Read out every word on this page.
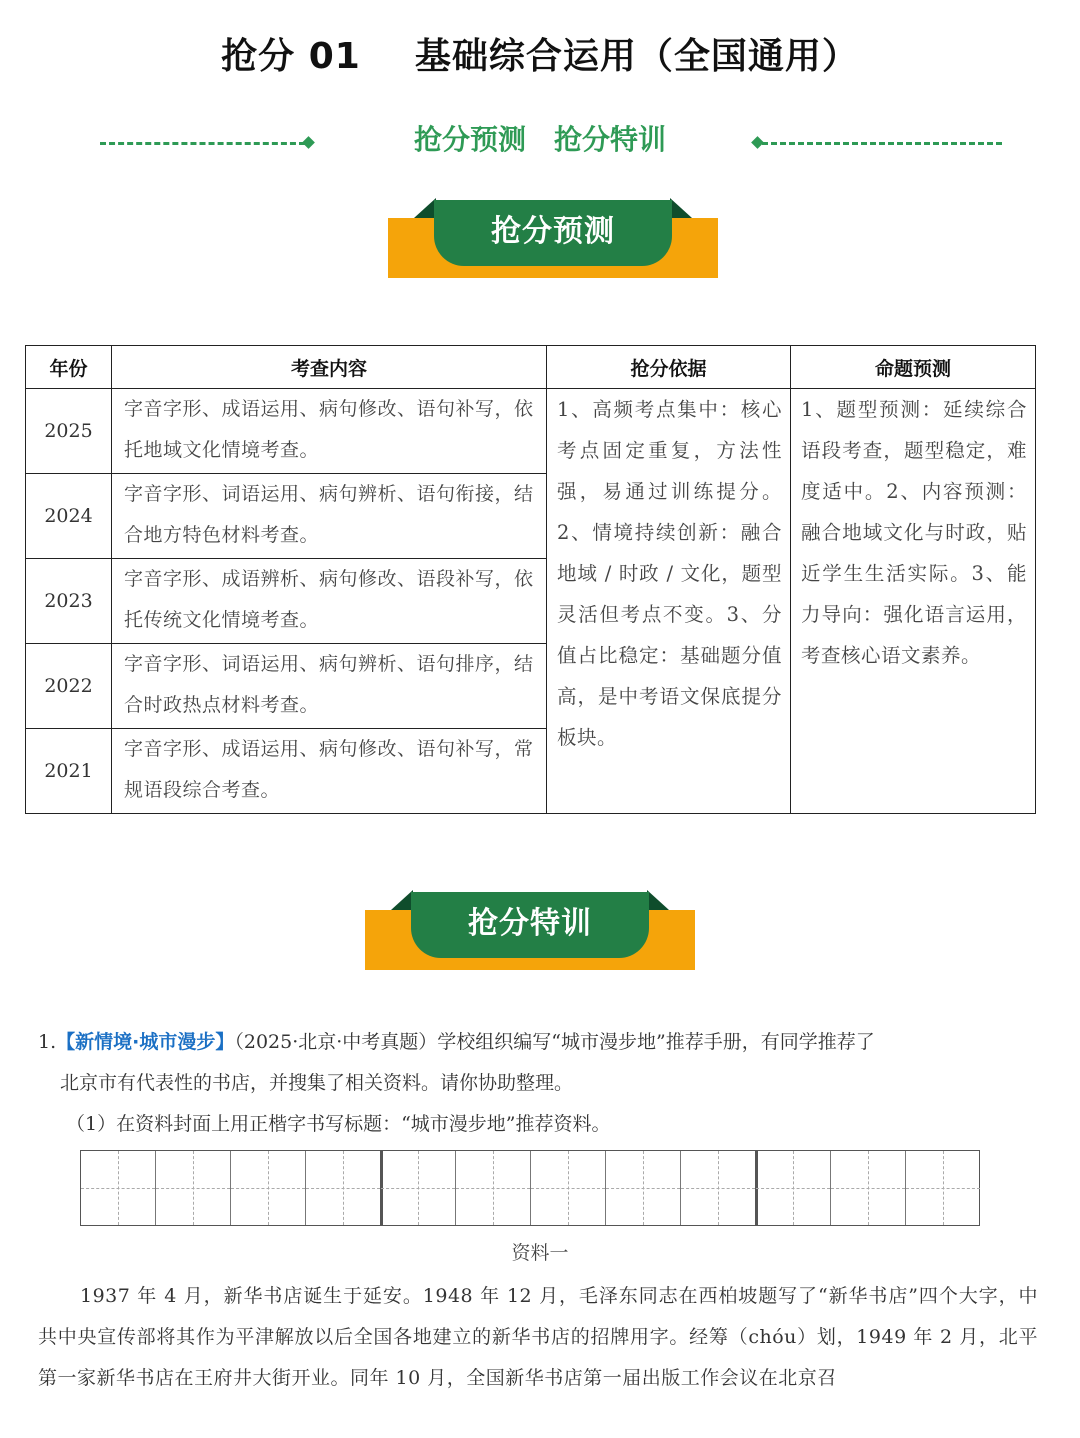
抢分 01 基础综合运用（全国通用）
抢分预测 抢分特训
抢分预测
年份	考查内容	抢分依据	命题预测
2025	字音字形、成语运用、病句修改、语句补写，依托地域文化情境考查。	1、高频考点集中：核心考点固定重复，方法性强，易通过训练提分。2、情境持续创新：融合地域 / 时政 / 文化，题型灵活但考点不变。3、分值占比稳定：基础题分值高，是中考语文保底提分板块。	1、题型预测：延续综合语段考查，题型稳定，难度适中。2、内容预测：融合地域文化与时政，贴近学生生活实际。3、能力导向：强化语言运用，考查核心语文素养。
2024	字音字形、词语运用、病句辨析、语句衔接，结合地方特色材料考查。		
2023	字音字形、成语辨析、病句修改、语段补写，依托传统文化情境考查。		
2022	字音字形、词语运用、病句辨析、语句排序，结合时政热点材料考查。		
2021	字音字形、成语运用、病句修改、语句补写，常规语段综合考查。		
抢分特训
1.【新情境·城市漫步】（2025·北京·中考真题）学校组织编写“城市漫步地”推荐手册，有同学推荐了
北京市有代表性的书店，并搜集了相关资料。请你协助整理。
（1）在资料封面上用正楷字书写标题：“城市漫步地”推荐资料。
资料一
1937 年 4 月，新华书店诞生于延安。1948 年 12 月，毛泽东同志在西柏坡题写了“新华书店”四个大字，中共中央宣传部将其作为平津解放以后全国各地建立的新华书店的招牌用字。经筹（chóu）划，1949 年 2 月，北平第一家新华书店在王府井大街开业。同年 10 月，全国新华书店第一届出版工作会议在北京召
